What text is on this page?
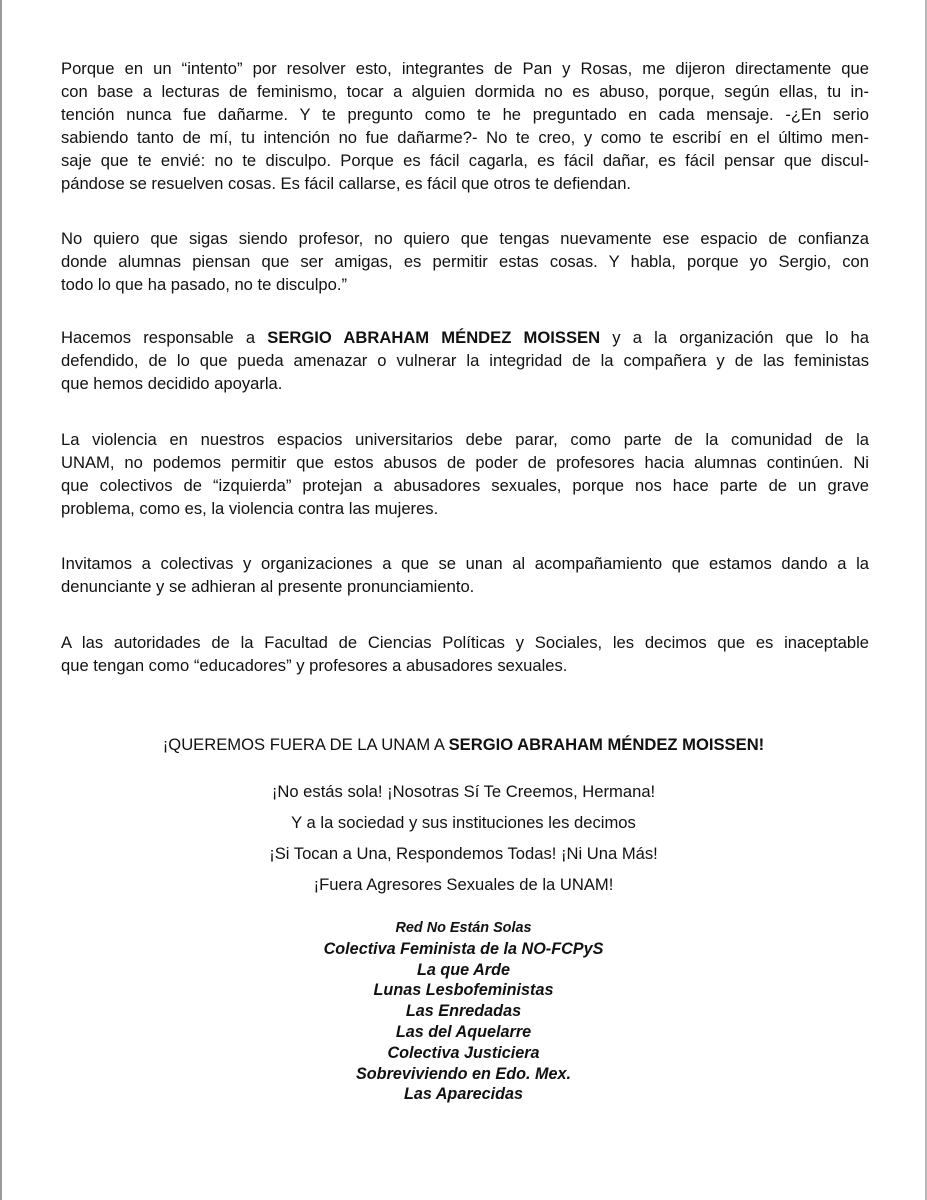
Porque en un “intento” por resolver esto, integrantes de Pan y Rosas, me dijeron directamente que
con base a lecturas de feminismo, tocar a alguien dormida no es abuso, porque, según ellas, tu in-
tención nunca fue dañarme. Y te pregunto como te he preguntado en cada mensaje. -¿En serio
sabiendo tanto de mí, tu intención no fue dañarme?- No te creo, y como te escribí en el último men-
saje que te envié: no te disculpo. Porque es fácil cagarla, es fácil dañar, es fácil pensar que discul-
pándose se resuelven cosas. Es fácil callarse, es fácil que otros te defiendan.

No quiero que sigas siendo profesor, no quiero que tengas nuevamente ese espacio de confianza
donde alumnas piensan que ser amigas, es permitir estas cosas. Y habla, porque yo Sergio, con
todo lo que ha pasado, no te disculpo.”

Hacemos responsable a SERGIO ABRAHAM MÉNDEZ MOISSEN y a la organización que lo ha
defendido, de lo que pueda amenazar o vulnerar la integridad de la compañera y de las feministas
que hemos decidido apoyarla.

La violencia en nuestros espacios universitarios debe parar, como parte de la comunidad de la
UNAM, no podemos permitir que estos abusos de poder de profesores hacia alumnas continúen. Ni
que colectivos de “izquierda” protejan a abusadores sexuales, porque nos hace parte de un grave
problema, como es, la violencia contra las mujeres.

Invitamos a colectivas y organizaciones a que se unan al acompañamiento que estamos dando a la
denunciante y se adhieran al presente pronunciamiento.

A las autoridades de la Facultad de Ciencias Políticas y Sociales, les decimos que es inaceptable
que tengan como “educadores” y profesores a abusadores sexuales.

¡QUEREMOS FUERA DE LA UNAM A SERGIO ABRAHAM MÉNDEZ MOISSEN!

¡No estás sola! ¡Nosotras Sí Te Creemos, Hermana!
Y a la sociedad y sus instituciones les decimos
¡Si Tocan a Una, Respondemos Todas! ¡Ni Una Más!
¡Fuera Agresores Sexuales de la UNAM!
Red No Están Solas
Colectiva Feminista de la NO-FCPyS
La que Arde
Lunas Lesbofeministas
Las Enredadas
Las del Aquelarre
Colectiva Justiciera
Sobreviviendo en Edo. Mex.
Las Aparecidas
